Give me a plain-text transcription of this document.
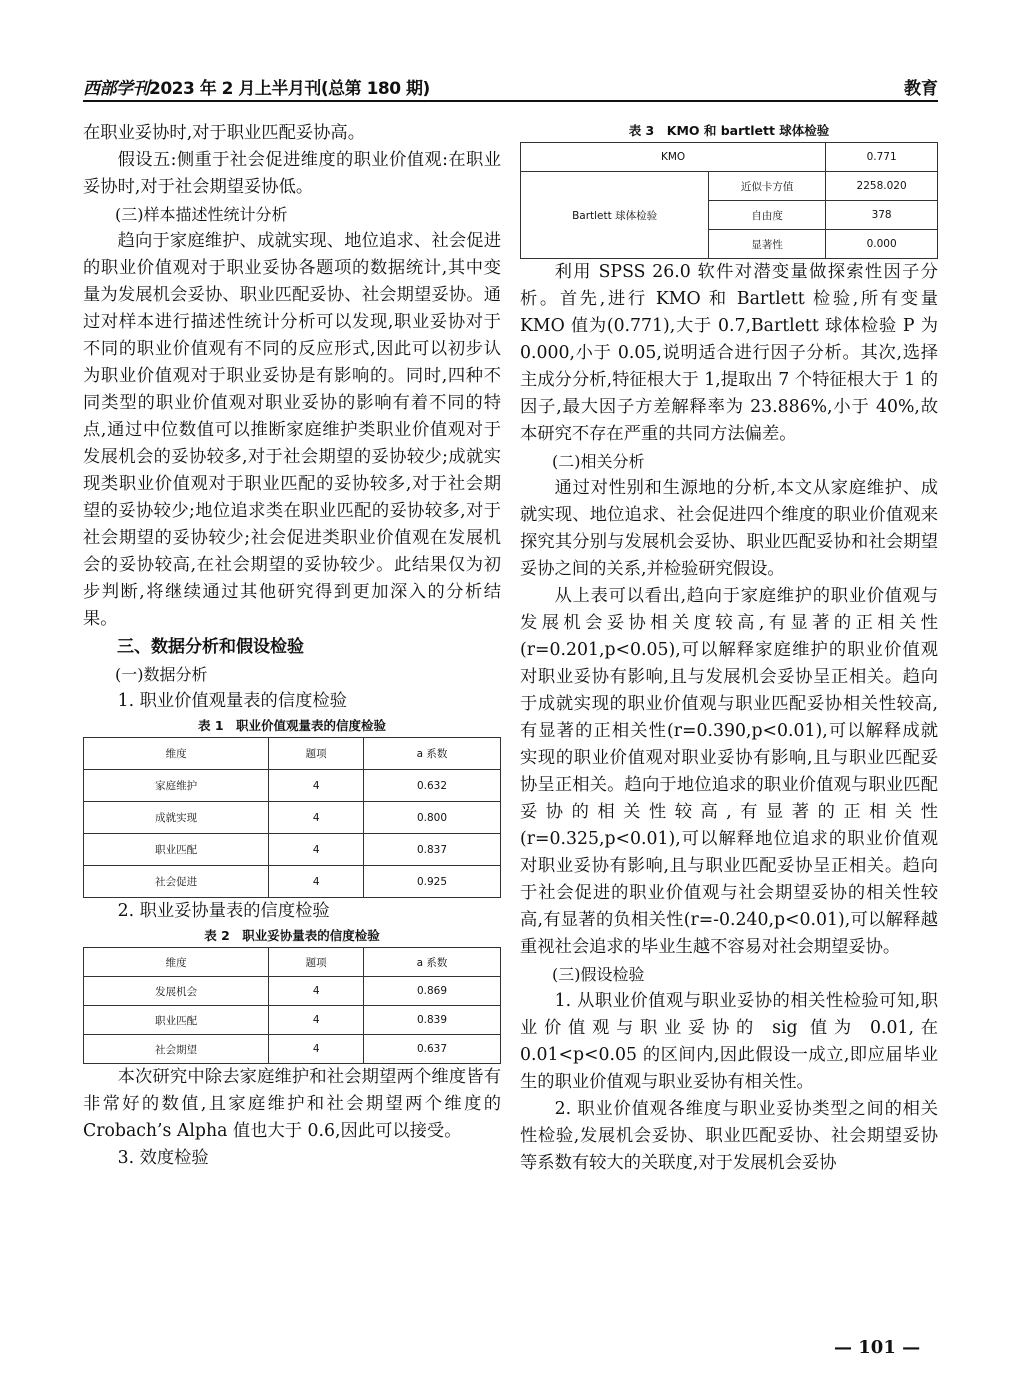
西部学刊2023 年 2 月上半月刊(总第 180 期)	教育

在职业妥协时,对于职业匹配妥协高。

假设五:侧重于社会促进维度的职业价值观:在职业妥协时,对于社会期望妥协低。

(三)样本描述性统计分析

趋向于家庭维护、成就实现、地位追求、社会促进的职业价值观对于职业妥协各题项的数据统计,其中变量为发展机会妥协、职业匹配妥协、社会期望妥协。通过对样本进行描述性统计分析可以发现,职业妥协对于不同的职业价值观有不同的反应形式,因此可以初步认为职业价值观对于职业妥协是有影响的。同时,四种不同类型的职业价值观对职业妥协的影响有着不同的特点,通过中位数值可以推断家庭维护类职业价值观对于发展机会的妥协较多,对于社会期望的妥协较少;成就实现类职业价值观对于职业匹配的妥协较多,对于社会期望的妥协较少;地位追求类在职业匹配的妥协较多,对于社会期望的妥协较少;社会促进类职业价值观在发展机会的妥协较高,在社会期望的妥协较少。此结果仅为初步判断,将继续通过其他研究得到更加深入的分析结果。

三、数据分析和假设检验
(一)数据分析

1. 职业价值观量表的信度检验

表 1　职业价值观量表的信度检验
维度	题项	a 系数
家庭维护	4	0.632
成就实现	4	0.800
职业匹配	4	0.837
社会促进	4	0.925

2. 职业妥协量表的信度检验

表 2　职业妥协量表的信度检验
维度	题项	a 系数
发展机会	4	0.869
职业匹配	4	0.839
社会期望	4	0.637

本次研究中除去家庭维护和社会期望两个维度皆有非常好的数值,且家庭维护和社会期望两个维度的 Crobach’s Alpha 值也大于 0.6,因此可以接受。

3. 效度检验

表 3　KMO 和 bartlett 球体检验
KMO		0.771
Bartlett 球体检验	近似卡方值	2258.020
	自由度	378
	显著性	0.000

利用 SPSS 26.0 软件对潜变量做探索性因子分析。首先,进行 KMO 和 Bartlett 检验,所有变量 KMO 值为(0.771),大于 0.7,Bartlett 球体检验 P 为 0.000,小于 0.05,说明适合进行因子分析。其次,选择主成分分析,特征根大于 1,提取出 7 个特征根大于 1 的因子,最大因子方差解释率为 23.886%,小于 40%,故本研究不存在严重的共同方法偏差。

(二)相关分析

通过对性别和生源地的分析,本文从家庭维护、成就实现、地位追求、社会促进四个维度的职业价值观来探究其分别与发展机会妥协、职业匹配妥协和社会期望妥协之间的关系,并检验研究假设。

从上表可以看出,趋向于家庭维护的职业价值观与发展机会妥协相关度较高,有显著的正相关性(r=0.201,p<0.05),可以解释家庭维护的职业价值观对职业妥协有影响,且与发展机会妥协呈正相关。趋向于成就实现的职业价值观与职业匹配妥协相关性较高,有显著的正相关性(r=0.390,p<0.01),可以解释成就实现的职业价值观对职业妥协有影响,且与职业匹配妥协呈正相关。趋向于地位追求的职业价值观与职业匹配妥协的相关性较高,有显著的正相关性(r=0.325,p<0.01),可以解释地位追求的职业价值观对职业妥协有影响,且与职业匹配妥协呈正相关。趋向于社会促进的职业价值观与社会期望妥协的相关性较高,有显著的负相关性(r=-0.240,p<0.01),可以解释越重视社会追求的毕业生越不容易对社会期望妥协。

(三)假设检验

1. 从职业价值观与职业妥协的相关性检验可知,职业价值观与职业妥协的 sig 值为 0.01,在 0.01<p<0.05 的区间内,因此假设一成立,即应届毕业生的职业价值观与职业妥协有相关性。

2. 职业价值观各维度与职业妥协类型之间的相关性检验,发展机会妥协、职业匹配妥协、社会期望妥协等系数有较大的关联度,对于发展机会妥协

— 101 —
